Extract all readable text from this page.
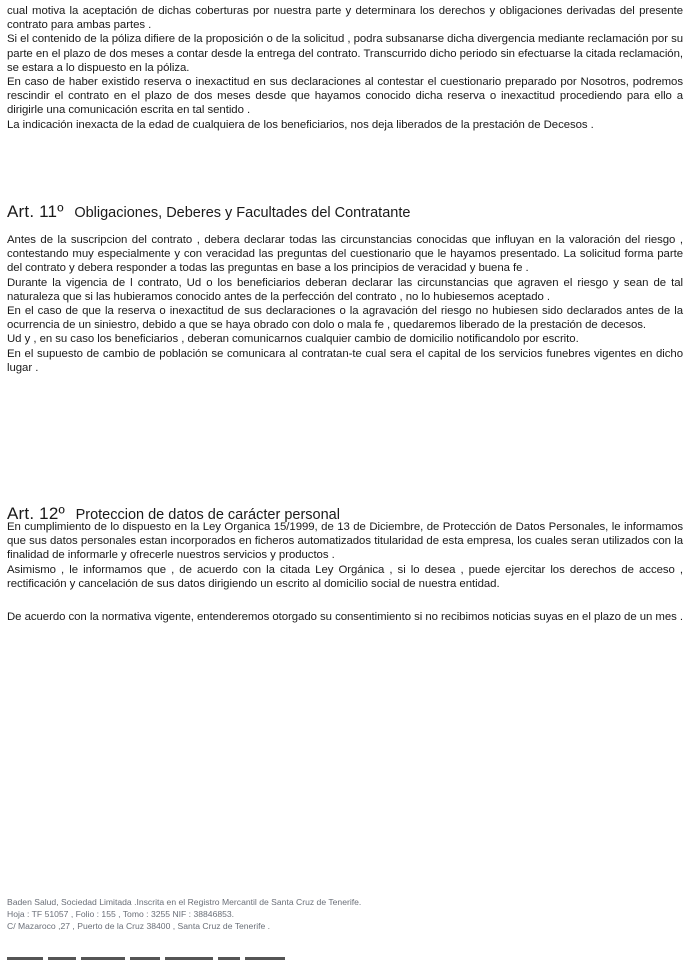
cual motiva la aceptación de dichas coberturas por nuestra parte y determinara los derechos y obligaciones derivadas del presente contrato para ambas partes .

Si el contenido de la póliza difiere de la proposición o de la solicitud , podra subsanarse dicha divergencia mediante reclamación por su parte en el plazo de dos meses a contar desde la entrega del contrato. Transcurrido dicho periodo sin efectuarse la citada reclamación, se estara a lo dispuesto en la póliza.

En caso de haber existido reserva o inexactitud en sus declaraciones al contestar el cuestionario preparado por Nosotros, podremos rescindir el contrato en el plazo de dos meses desde que hayamos conocido dicha reserva o inexactitud procediendo para ello a dirigirle una comunicación escrita en tal sentido .

La indicación inexacta de la edad de cualquiera de los beneficiarios, nos deja liberados de la prestación de Decesos .

Art. 11º Obligaciones, Deberes y Facultades del Contratante

Antes de la suscripcion del contrato , debera declarar todas las circunstancias conocidas que influyan en la valoración del riesgo , contestando muy especialmente y con veracidad las preguntas del cuestionario que le hayamos presentado. La solicitud forma parte del contrato y debera responder a todas las preguntas en base a los principios de veracidad y buena fe .

Durante la vigencia de l contrato, Ud o los beneficiarios deberan declarar las circunstancias que agraven el riesgo y sean de tal naturaleza que si las hubieramos conocido antes de la perfección del contrato , no lo hubiesemos aceptado .

En el caso de que la reserva o inexactitud de sus declaraciones o la agravación del riesgo no hubiesen sido declarados antes de la ocurrencia de un siniestro, debido a que se haya obrado con dolo o mala fe , quedaremos liberado de la prestación de decesos.

Ud y , en su caso los beneficiarios , deberan comunicarnos cualquier cambio de domicilio notificandolo por escrito.

En el supuesto de cambio de población se comunicara al contratan-te cual sera el capital de los servicios funebres vigentes en dicho lugar .

Art. 12º Proteccion de datos de carácter personal

En cumplimiento de lo dispuesto en la Ley Organica 15/1999, de 13 de Diciembre, de Protección de Datos Personales, le informamos que sus datos personales estan incorporados en ficheros automatizados titularidad de esta empresa, los cuales seran utilizados con la finalidad de informarle y ofrecerle nuestros servicios y productos .

Asimismo , le informamos que , de acuerdo con la citada Ley Orgánica , si lo desea , puede ejercitar los derechos de acceso , rectificación y cancelación de sus datos dirigiendo un escrito al domicilio social de nuestra entidad.

De acuerdo con la normativa vigente, entenderemos otorgado su consentimiento si no recibimos noticias suyas en el plazo de un mes .

Baden Salud, Sociedad Limitada .Inscrita en el Registro Mercantil de Santa Cruz de Tenerife.
Hoja : TF 51057 , Folio : 155 , Tomo : 3255 NIF : 38846853.
C/ Mazaroco ,27 , Puerto de la Cruz 38400 , Santa Cruz de Tenerife .
